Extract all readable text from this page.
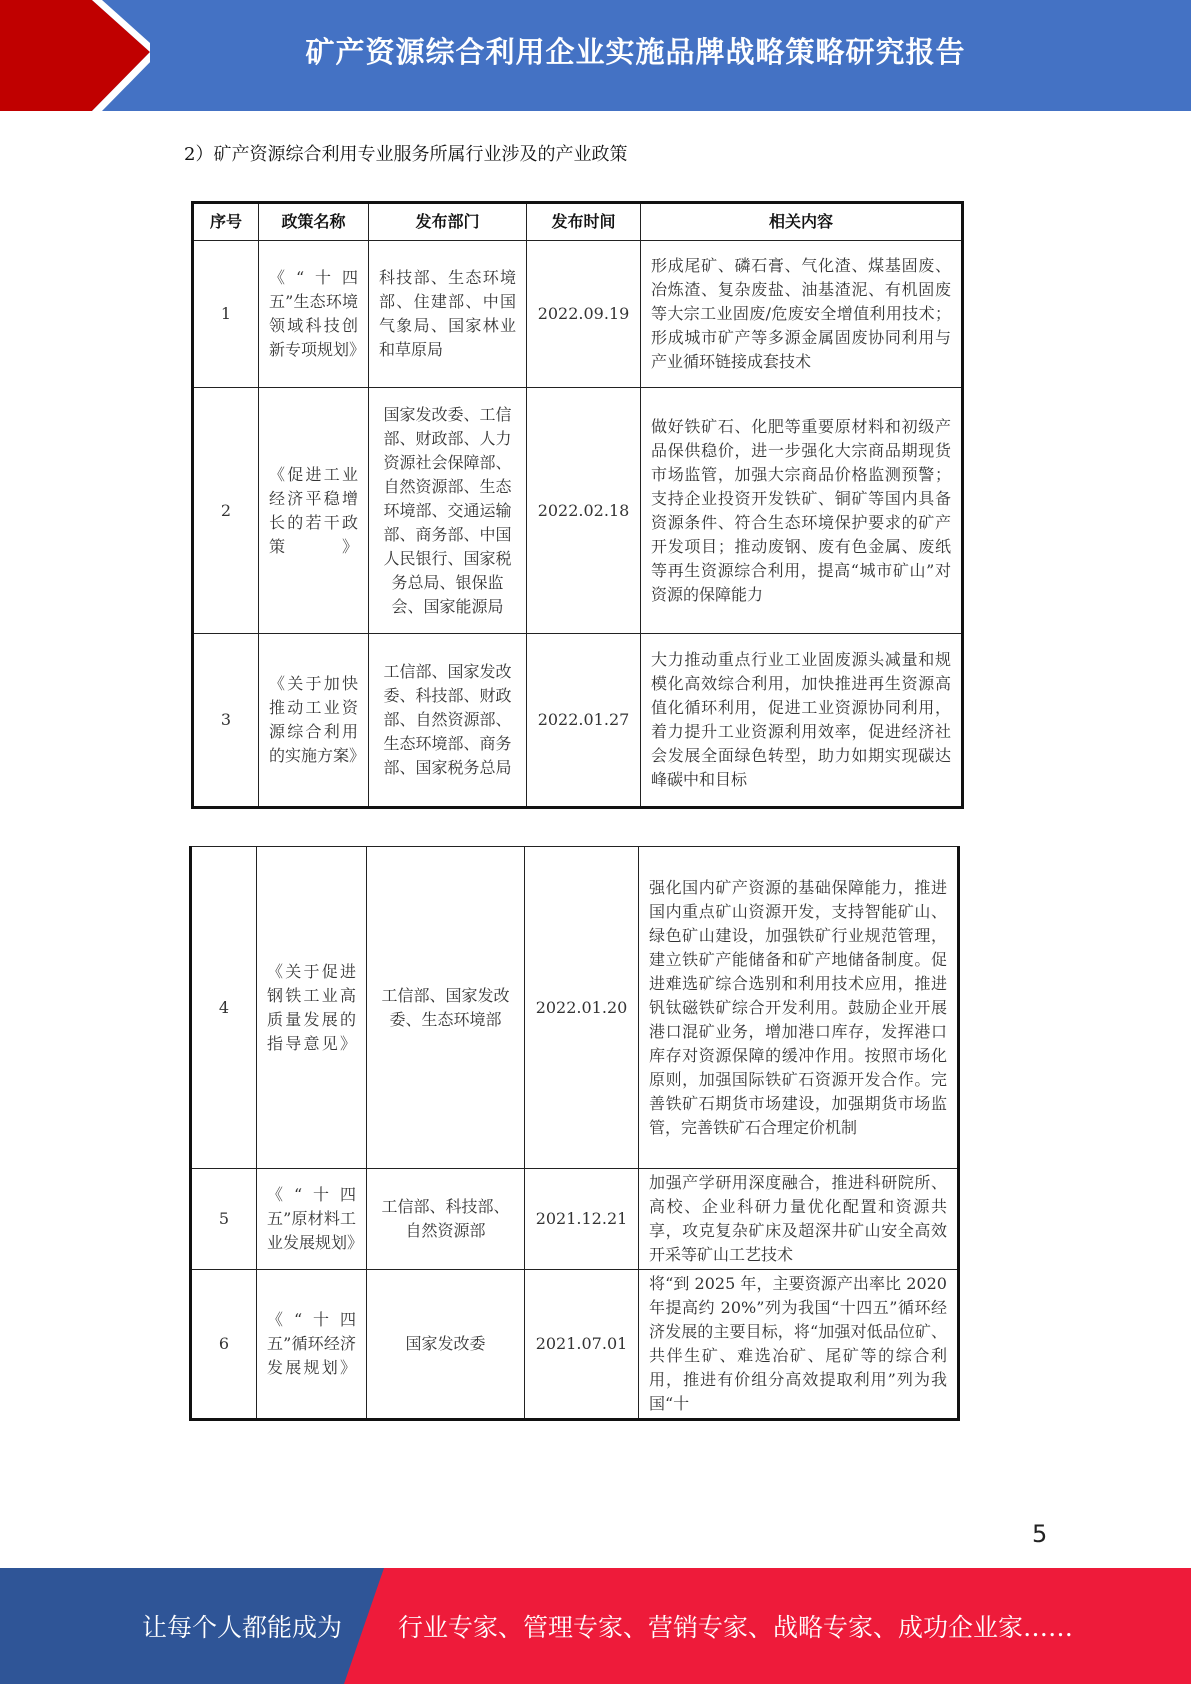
矿产资源综合利用企业实施品牌战略策略研究报告
2）矿产资源综合利用专业服务所属行业涉及的产业政策
序号	政策名称	发布部门	发布时间	相关内容
1	《“十四五”生态环境领域科技创新专项规划》	科技部、生态环境部、住建部、中国气象局、国家林业和草原局	2022.09.19	形成尾矿、磷石膏、气化渣、煤基固废、冶炼渣、复杂废盐、油基渣泥、有机固废等大宗工业固废/危废安全增值利用技术；形成城市矿产等多源金属固废协同利用与产业循环链接成套技术
2	《促进工业经济平稳增长的若干政策》	国家发改委、工信部、财政部、人力资源社会保障部、自然资源部、生态环境部、交通运输部、商务部、中国人民银行、国家税务总局、银保监会、国家能源局	2022.02.18	做好铁矿石、化肥等重要原材料和初级产品保供稳价，进一步强化大宗商品期现货市场监管，加强大宗商品价格监测预警；支持企业投资开发铁矿、铜矿等国内具备资源条件、符合生态环境保护要求的矿产开发项目；推动废钢、废有色金属、废纸等再生资源综合利用，提高“城市矿山”对资源的保障能力
3	《关于加快推动工业资源综合利用的实施方案》	工信部、国家发改委、科技部、财政部、自然资源部、生态环境部、商务部、国家税务总局	2022.01.27	大力推动重点行业工业固废源头减量和规模化高效综合利用，加快推进再生资源高值化循环利用，促进工业资源协同利用，着力提升工业资源利用效率，促进经济社会发展全面绿色转型，助力如期实现碳达峰碳中和目标
4	《关于促进钢铁工业高质量发展的指导意见》	工信部、国家发改委、生态环境部	2022.01.20	强化国内矿产资源的基础保障能力，推进国内重点矿山资源开发，支持智能矿山、绿色矿山建设，加强铁矿行业规范管理，建立铁矿产能储备和矿产地储备制度。促进难选矿综合选别和利用技术应用，推进钒钛磁铁矿综合开发利用。鼓励企业开展港口混矿业务，增加港口库存，发挥港口库存对资源保障的缓冲作用。按照市场化原则，加强国际铁矿石资源开发合作。完善铁矿石期货市场建设，加强期货市场监管，完善铁矿石合理定价机制
5	《“十四五”原材料工业发展规划》	工信部、科技部、自然资源部	2021.12.21	加强产学研用深度融合，推进科研院所、高校、企业科研力量优化配置和资源共享，攻克复杂矿床及超深井矿山安全高效开采等矿山工艺技术
6	《“十四五”循环经济发展规划》	国家发改委	2021.07.01	将“到 2025 年，主要资源产出率比 2020 年提高约 20%”列为我国“十四五”循环经济发展的主要目标，将“加强对低品位矿、共伴生矿、难选冶矿、尾矿等的综合利用，推进有价组分高效提取利用”列为我国“十
5
让每个人都能成为 行业专家、管理专家、营销专家、战略专家、成功企业家……
